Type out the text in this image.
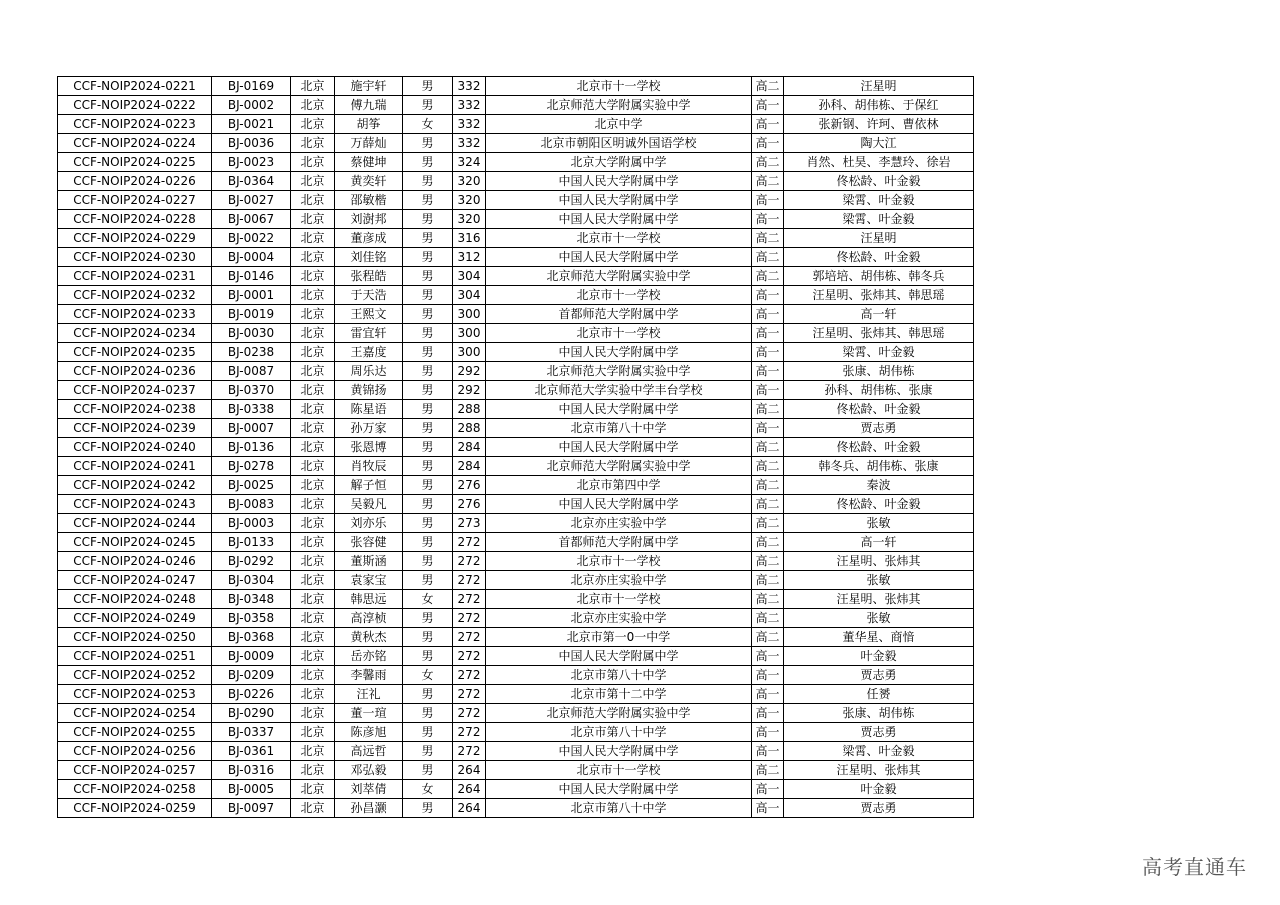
CCF-NOIP2024-0221	BJ-0169	北京	施宇轩	男	332	北京市十一学校	高二	汪星明
CCF-NOIP2024-0222	BJ-0002	北京	傅九瑞	男	332	北京师范大学附属实验中学	高一	孙科、胡伟栋、于保红
CCF-NOIP2024-0223	BJ-0021	北京	胡筝	女	332	北京中学	高一	张新钢、许珂、曹依林
CCF-NOIP2024-0224	BJ-0036	北京	万薛灿	男	332	北京市朝阳区明诚外国语学校	高一	陶大江
CCF-NOIP2024-0225	BJ-0023	北京	蔡健坤	男	324	北京大学附属中学	高二	肖然、杜昊、李慧玲、徐岩
CCF-NOIP2024-0226	BJ-0364	北京	黄奕轩	男	320	中国人民大学附属中学	高二	佟松龄、叶金毅
CCF-NOIP2024-0227	BJ-0027	北京	邵敏楷	男	320	中国人民大学附属中学	高一	梁霄、叶金毅
CCF-NOIP2024-0228	BJ-0067	北京	刘澍邦	男	320	中国人民大学附属中学	高一	梁霄、叶金毅
CCF-NOIP2024-0229	BJ-0022	北京	董彦成	男	316	北京市十一学校	高二	汪星明
CCF-NOIP2024-0230	BJ-0004	北京	刘佳铭	男	312	中国人民大学附属中学	高二	佟松龄、叶金毅
CCF-NOIP2024-0231	BJ-0146	北京	张程皓	男	304	北京师范大学附属实验中学	高二	郭培培、胡伟栋、韩冬兵
CCF-NOIP2024-0232	BJ-0001	北京	于天浩	男	304	北京市十一学校	高一	汪星明、张炜其、韩思瑶
CCF-NOIP2024-0233	BJ-0019	北京	王熙文	男	300	首都师范大学附属中学	高一	高一轩
CCF-NOIP2024-0234	BJ-0030	北京	雷宜轩	男	300	北京市十一学校	高一	汪星明、张炜其、韩思瑶
CCF-NOIP2024-0235	BJ-0238	北京	王嘉度	男	300	中国人民大学附属中学	高一	梁霄、叶金毅
CCF-NOIP2024-0236	BJ-0087	北京	周乐达	男	292	北京师范大学附属实验中学	高一	张康、胡伟栋
CCF-NOIP2024-0237	BJ-0370	北京	黄锦扬	男	292	北京师范大学实验中学丰台学校	高一	孙科、胡伟栋、张康
CCF-NOIP2024-0238	BJ-0338	北京	陈星语	男	288	中国人民大学附属中学	高二	佟松龄、叶金毅
CCF-NOIP2024-0239	BJ-0007	北京	孙万家	男	288	北京市第八十中学	高一	贾志勇
CCF-NOIP2024-0240	BJ-0136	北京	张恩博	男	284	中国人民大学附属中学	高二	佟松龄、叶金毅
CCF-NOIP2024-0241	BJ-0278	北京	肖牧辰	男	284	北京师范大学附属实验中学	高二	韩冬兵、胡伟栋、张康
CCF-NOIP2024-0242	BJ-0025	北京	解子恒	男	276	北京市第四中学	高二	秦波
CCF-NOIP2024-0243	BJ-0083	北京	吴毅凡	男	276	中国人民大学附属中学	高二	佟松龄、叶金毅
CCF-NOIP2024-0244	BJ-0003	北京	刘亦乐	男	273	北京亦庄实验中学	高二	张敏
CCF-NOIP2024-0245	BJ-0133	北京	张容健	男	272	首都师范大学附属中学	高二	高一轩
CCF-NOIP2024-0246	BJ-0292	北京	董斯涵	男	272	北京市十一学校	高二	汪星明、张炜其
CCF-NOIP2024-0247	BJ-0304	北京	袁家宝	男	272	北京亦庄实验中学	高二	张敏
CCF-NOIP2024-0248	BJ-0348	北京	韩思远	女	272	北京市十一学校	高二	汪星明、张炜其
CCF-NOIP2024-0249	BJ-0358	北京	高淳桢	男	272	北京亦庄实验中学	高二	张敏
CCF-NOIP2024-0250	BJ-0368	北京	黄秋杰	男	272	北京市第一0一中学	高二	董华星、商愔
CCF-NOIP2024-0251	BJ-0009	北京	岳亦铭	男	272	中国人民大学附属中学	高一	叶金毅
CCF-NOIP2024-0252	BJ-0209	北京	李馨雨	女	272	北京市第八十中学	高一	贾志勇
CCF-NOIP2024-0253	BJ-0226	北京	汪礼	男	272	北京市第十二中学	高一	任赟
CCF-NOIP2024-0254	BJ-0290	北京	董一瑄	男	272	北京师范大学附属实验中学	高一	张康、胡伟栋
CCF-NOIP2024-0255	BJ-0337	北京	陈彦旭	男	272	北京市第八十中学	高一	贾志勇
CCF-NOIP2024-0256	BJ-0361	北京	高远哲	男	272	中国人民大学附属中学	高一	梁霄、叶金毅
CCF-NOIP2024-0257	BJ-0316	北京	邓弘毅	男	264	北京市十一学校	高二	汪星明、张炜其
CCF-NOIP2024-0258	BJ-0005	北京	刘萃倩	女	264	中国人民大学附属中学	高一	叶金毅
CCF-NOIP2024-0259	BJ-0097	北京	孙昌灏	男	264	北京市第八十中学	高一	贾志勇
高考直通车
